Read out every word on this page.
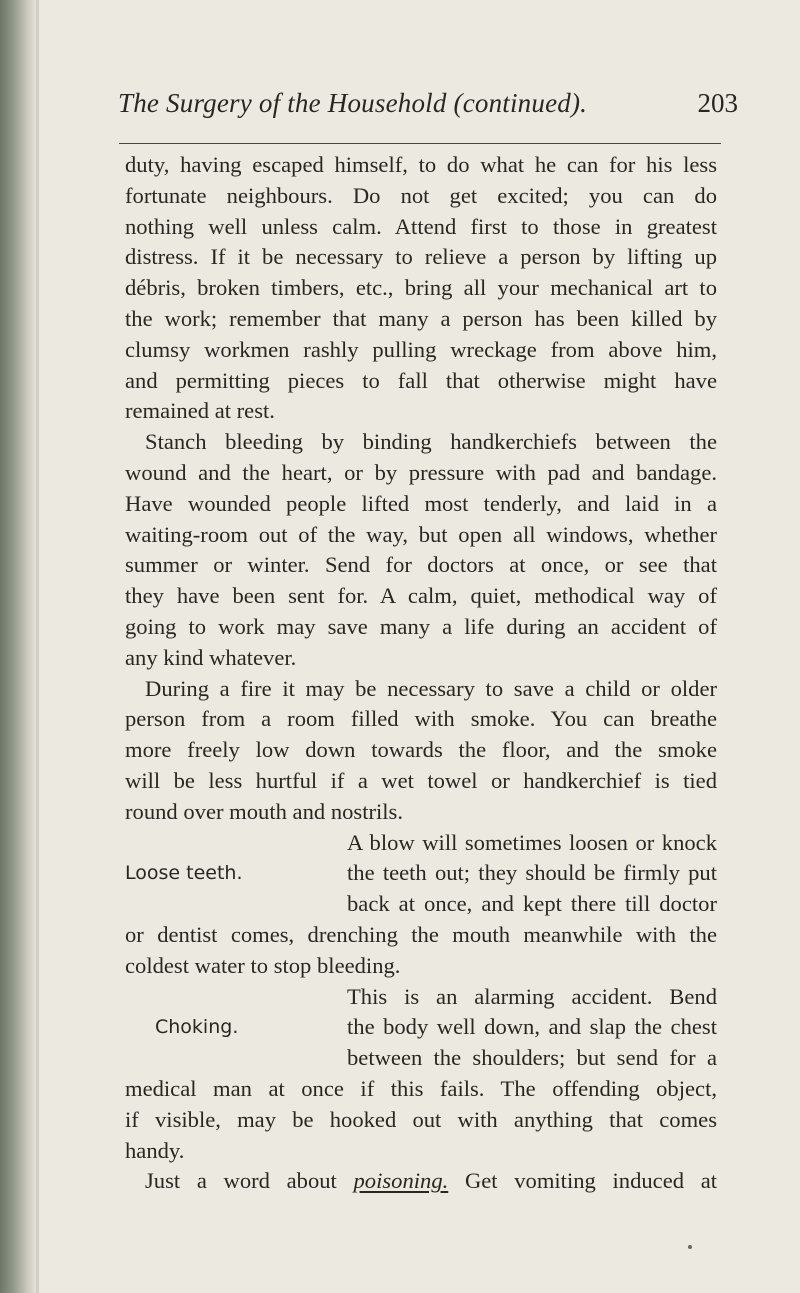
The Surgery of the Household (continued).	203
duty, having escaped himself, to do what he can for his less
fortunate neighbours. Do not get excited; you can do
nothing well unless calm. Attend first to those in greatest
distress. If it be necessary to relieve a person by lifting up
débris, broken timbers, etc., bring all your mechanical art to
the work; remember that many a person has been killed by
clumsy workmen rashly pulling wreckage from above him,
and permitting pieces to fall that otherwise might have
remained at rest.
Stanch bleeding by binding handkerchiefs between the
wound and the heart, or by pressure with pad and bandage.
Have wounded people lifted most tenderly, and laid in a
waiting-room out of the way, but open all windows, whether
summer or winter. Send for doctors at once, or see that
they have been sent for. A calm, quiet, methodical way of
going to work may save many a life during an accident of
any kind whatever.
During a fire it may be necessary to save a child or older
person from a room filled with smoke. You can breathe
more freely low down towards the floor, and the smoke
will be less hurtful if a wet towel or handkerchief is tied
round over mouth and nostrils.
A blow will sometimes loosen or knock
Loose teeth.	the teeth out; they should be firmly put
back at once, and kept there till doctor
or dentist comes, drenching the mouth meanwhile with the
coldest water to stop bleeding.
This is an alarming accident. Bend
Choking.	the body well down, and slap the chest
between the shoulders; but send for a
medical man at once if this fails. The offending object,
if visible, may be hooked out with anything that comes
handy.
Just a word about poisoning. Get vomiting induced at
